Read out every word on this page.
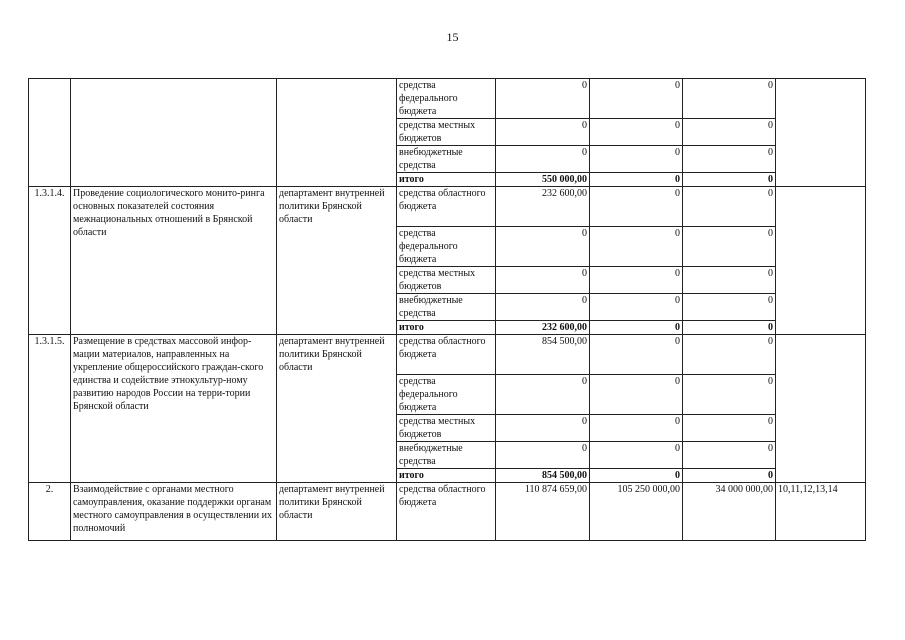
15
			средства федерального бюджета	0	0	0	
			средства местных бюджетов	0	0	0	
			внебюджетные средства	0	0	0	
			итого	550 000,00	0	0	
1.3.1.4.	Проведение социологического монито-ринга основных показателей состояния межнациональных отношений в Брянской области	департамент внутренней политики Брянской области	средства областного бюджета	232 600,00	0	0	
			средства федерального бюджета	0	0	0	
			средства местных бюджетов	0	0	0	
			внебюджетные средства	0	0	0	
			итого	232 600,00	0	0	
1.3.1.5.	Размещение в средствах массовой инфор-мации материалов, направленных на укрепление общероссийского граждан-ского единства и содействие этнокультур-ному развитию народов России на терри-тории Брянской области	департамент внутренней политики Брянской области	средства областного бюджета	854 500,00	0	0	
			средства федерального бюджета	0	0	0	
			средства местных бюджетов	0	0	0	
			внебюджетные средства	0	0	0	
			итого	854 500,00	0	0	
2.	Взаимодействие с органами местного самоуправления, оказание поддержки органам местного самоуправления в осуществлении их полномочий	департамент внутренней политики Брянской области	средства областного бюджета	110 874 659,00	105 250 000,00	34 000 000,00	10,11,12,13,14
